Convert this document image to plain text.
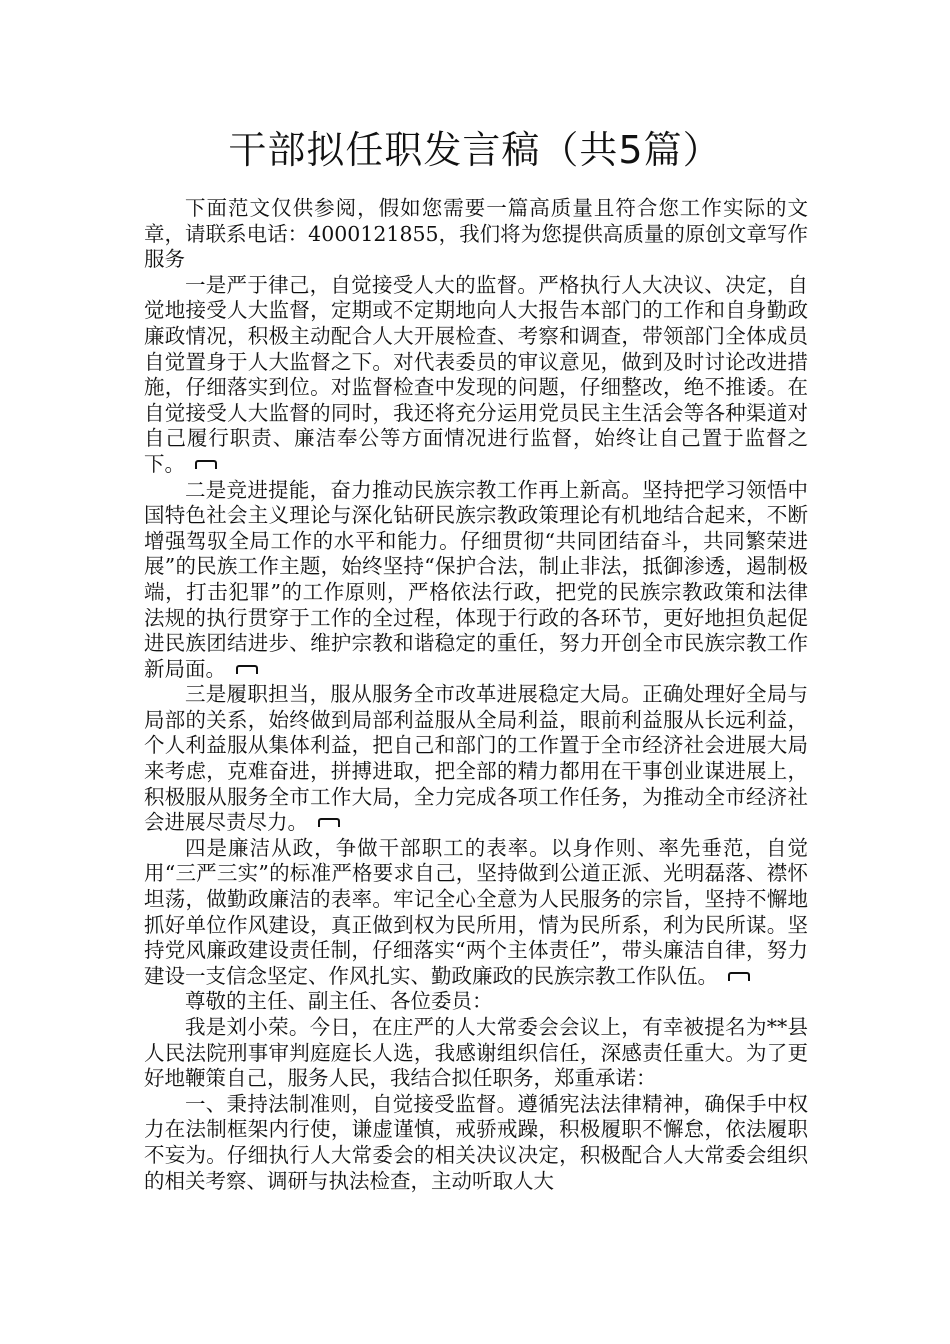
干部拟任职发言稿（共5篇）

下面范文仅供参阅，假如您需要一篇高质量且符合您工作实际的文章，请联系电话：4000121855，我们将为您提供高质量的原创文章写作服务

一是严于律己，自觉接受人大的监督。严格执行人大决议、决定，自觉地接受人大监督，定期或不定期地向人大报告本部门的工作和自身勤政廉政情况，积极主动配合人大开展检查、考察和调查，带领部门全体成员自觉置身于人大监督之下。对代表委员的审议意见，做到及时讨论改进措施，仔细落实到位。对监督检查中发现的问题，仔细整改，绝不推诿。在自觉接受人大监督的同时，我还将充分运用党员民主生活会等各种渠道对自己履行职责、廉洁奉公等方面情况进行监督，始终让自己置于监督之下。

二是竞进提能，奋力推动民族宗教工作再上新高。坚持把学习领悟中国特色社会主义理论与深化钻研民族宗教政策理论有机地结合起来，不断增强驾驭全局工作的水平和能力。仔细贯彻“共同团结奋斗，共同繁荣进展”的民族工作主题，始终坚持“保护合法，制止非法，抵御渗透，遏制极端，打击犯罪”的工作原则，严格依法行政，把党的民族宗教政策和法律法规的执行贯穿于工作的全过程，体现于行政的各环节，更好地担负起促进民族团结进步、维护宗教和谐稳定的重任，努力开创全市民族宗教工作新局面。

三是履职担当，服从服务全市改革进展稳定大局。正确处理好全局与局部的关系，始终做到局部利益服从全局利益，眼前利益服从长远利益，个人利益服从集体利益，把自己和部门的工作置于全市经济社会进展大局来考虑，克难奋进，拼搏进取，把全部的精力都用在干事创业谋进展上，积极服从服务全市工作大局，全力完成各项工作任务，为推动全市经济社会进展尽责尽力。

四是廉洁从政，争做干部职工的表率。以身作则、率先垂范，自觉用“三严三实”的标准严格要求自己，坚持做到公道正派、光明磊落、襟怀坦荡，做勤政廉洁的表率。牢记全心全意为人民服务的宗旨，坚持不懈地抓好单位作风建设，真正做到权为民所用，情为民所系，利为民所谋。坚持党风廉政建设责任制，仔细落实“两个主体责任”，带头廉洁自律，努力建设一支信念坚定、作风扎实、勤政廉政的民族宗教工作队伍。

尊敬的主任、副主任、各位委员：

我是刘小荣。今日，在庄严的人大常委会会议上，有幸被提名为**县人民法院刑事审判庭庭长人选，我感谢组织信任，深感责任重大。为了更好地鞭策自己，服务人民，我结合拟任职务，郑重承诺：

一、秉持法制准则，自觉接受监督。遵循宪法法律精神，确保手中权力在法制框架内行使，谦虚谨慎，戒骄戒躁，积极履职不懈怠，依法履职不妄为。仔细执行人大常委会的相关决议决定，积极配合人大常委会组织的相关考察、调研与执法检查，主动听取人大
